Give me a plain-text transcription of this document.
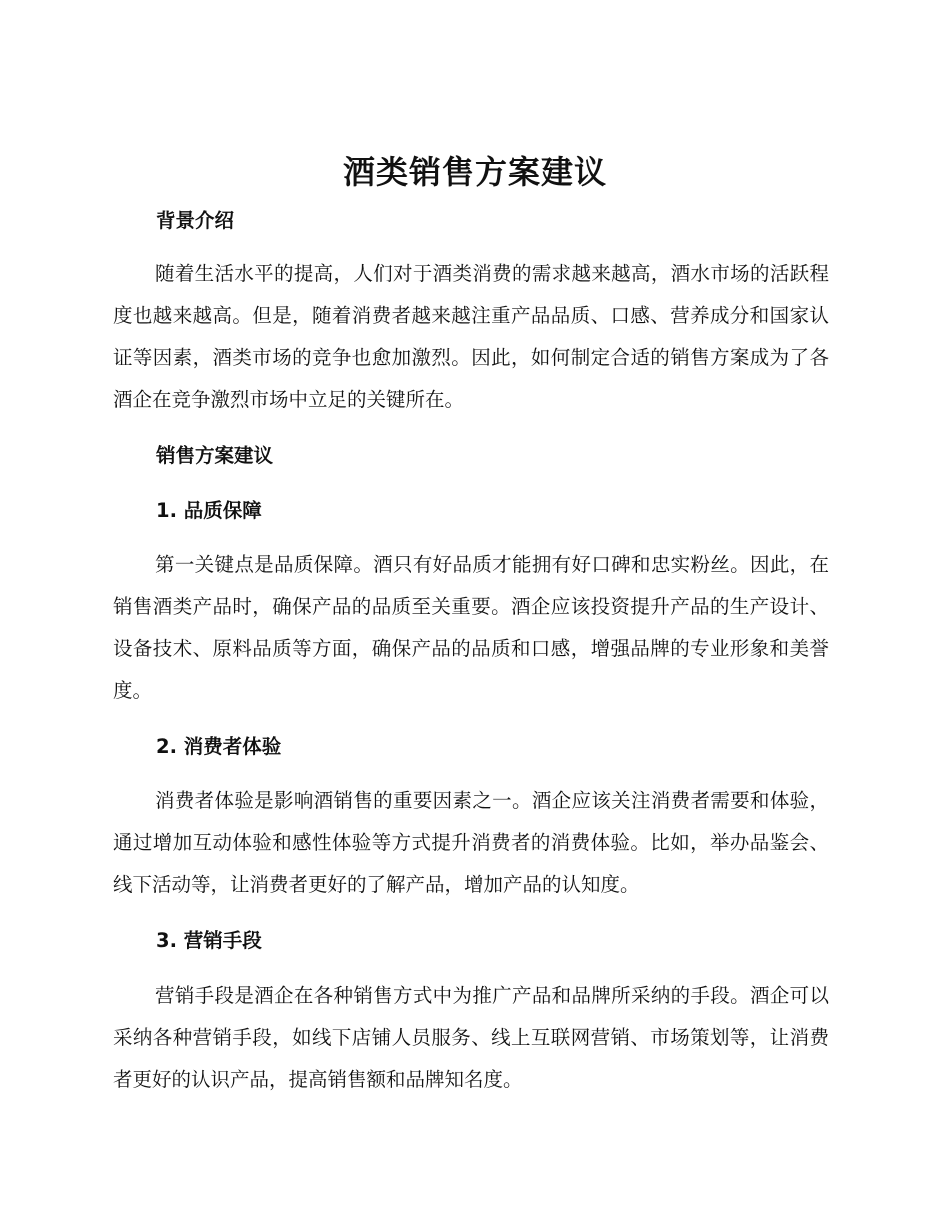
酒类销售方案建议
背景介绍

随着生活水平的提高，人们对于酒类消费的需求越来越高，酒水市场的活跃程度也越来越高。但是，随着消费者越来越注重产品品质、口感、营养成分和国家认证等因素，酒类市场的竞争也愈加激烈。因此，如何制定合适的销售方案成为了各酒企在竞争激烈市场中立足的关键所在。

销售方案建议
1. 品质保障

第一关键点是品质保障。酒只有好品质才能拥有好口碑和忠实粉丝。因此，在销售酒类产品时，确保产品的品质至关重要。酒企应该投资提升产品的生产设计、设备技术、原料品质等方面，确保产品的品质和口感，增强品牌的专业形象和美誉度。

2. 消费者体验

消费者体验是影响酒销售的重要因素之一。酒企应该关注消费者需要和体验，通过增加互动体验和感性体验等方式提升消费者的消费体验。比如，举办品鉴会、线下活动等，让消费者更好的了解产品，增加产品的认知度。

3. 营销手段

营销手段是酒企在各种销售方式中为推广产品和品牌所采纳的手段。酒企可以采纳各种营销手段，如线下店铺人员服务、线上互联网营销、市场策划等，让消费者更好的认识产品，提高销售额和品牌知名度。
